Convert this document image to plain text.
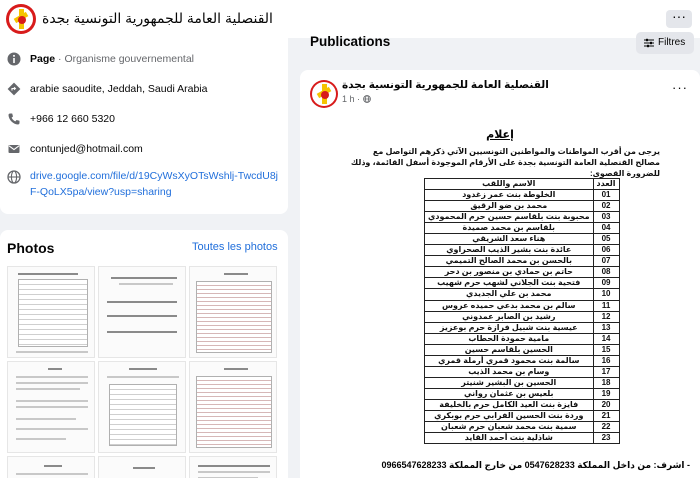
القنصلية العامة للجمهورية التونسية بجدة	···
Page · Organisme gouvernemental
arabie saoudite, Jeddah, Saudi Arabia
+966 12 660 5320
contunjed@hotmail.com
drive.google.com/file/d/19CyWsXyOTsWshlj-TwcdU8jF-QoLX5pa/view?usp=sharing
Photos	Toutes les photos
Publications	Filtres
القنصلية العامة للجمهورية التونسية بجدة
1 h ·
···
إعلام
يرجى من أقرب المواطنات والمواطنين التونسيين الآتي ذكرهم التواصل مع مصالح القنصلية العامة التونسية بجدة على الأرقام الموجودة أسفل القائمة، وذلك للضرورة القصوى:
العدد	الاسم واللقب
01	الخلوطة بنت عمر زغدود
02	محمد بن ضو الرقيق
03	محبوبة بنت بلقاسم حسين حرم المحمودي
04	بلقاسم بن محمد صميدة
05	هناء سعد الشريقي
06	عائدة بنت بشير الذيب الصحراوي
07	بالحسن بن محمد الصالح التميمي
08	حاتم بن حمادي بن منصور بن دحر
09	فتحية بنت الجلاني لشهب حرم شهيب
10	محمد بن علي الجديدي
11	سالم بن محمد بدعي حميده عروس
12	رشيد بن الصابر عمدوني
13	عيسية بنت شبيل فرازة حرم بوعزيز
14	مامية حمودة الحطاب
15	الحسين بلقاسم حسين
16	سالمة بنت محمود قمري أرملة قمري
17	وسام بن محمد الذيب
18	الحسين بن البشير شنيتر
19	بلعيس بن عثمان رواني
20	فايزة بنت العيد الكامل حرم بالخليفة
21	وردة بنت الحسين الفرابي حرم بوبكري
22	سمية بنت محمد شعبان حرم شعبان
23	شاذلية بنت أحمد القايد
- اشرف: من داخل المملكة 0547628233 من خارج المملكة 0966547628233
